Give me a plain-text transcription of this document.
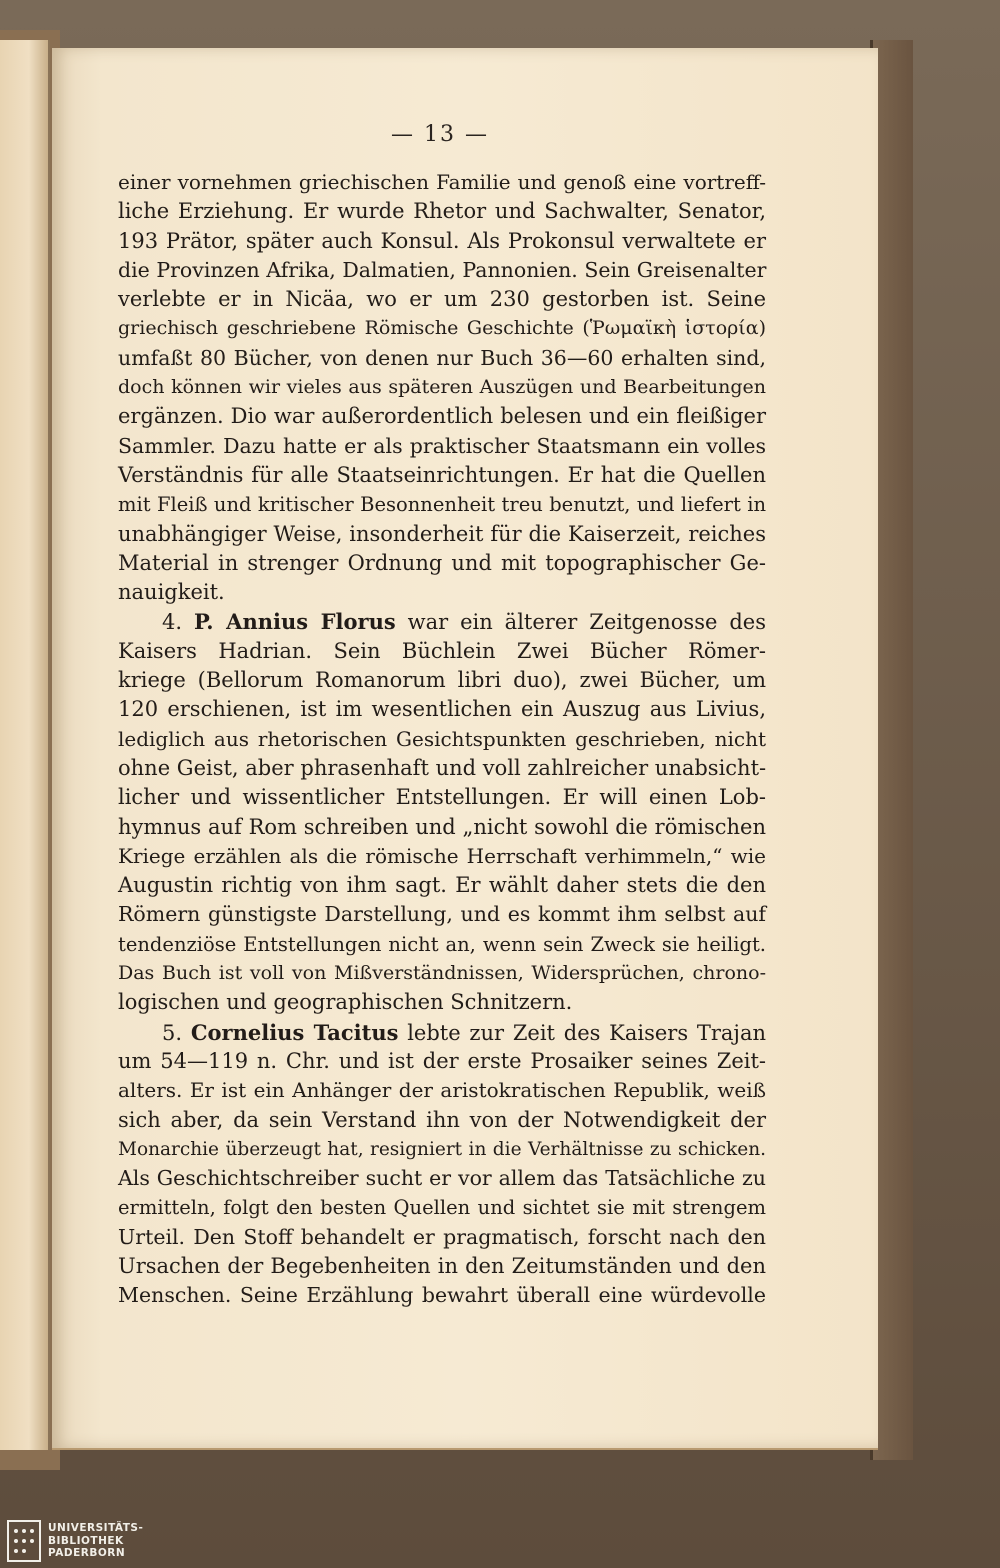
— 13 —
einer vornehmen griechischen Familie und genoß eine vortreff-
liche Erziehung. Er wurde Rhetor und Sachwalter, Senator,
193 Prätor, später auch Konsul. Als Prokonsul verwaltete er
die Provinzen Afrika, Dalmatien, Pannonien. Sein Greisenalter
verlebte er in Nicäa, wo er um 230 gestorben ist. Seine
griechisch geschriebene Römische Geschichte (Ῥωμαϊκὴ ἱστορία)
umfaßt 80 Bücher, von denen nur Buch 36—60 erhalten sind,
doch können wir vieles aus späteren Auszügen und Bearbeitungen
ergänzen. Dio war außerordentlich belesen und ein fleißiger
Sammler. Dazu hatte er als praktischer Staatsmann ein volles
Verständnis für alle Staatseinrichtungen. Er hat die Quellen
mit Fleiß und kritischer Besonnenheit treu benutzt, und liefert in
unabhängiger Weise, insonderheit für die Kaiserzeit, reiches
Material in strenger Ordnung und mit topographischer Ge-
nauigkeit.
4. P. Annius Florus war ein älterer Zeitgenosse des
Kaisers Hadrian. Sein Büchlein Zwei Bücher Römer-
kriege (Bellorum Romanorum libri duo), zwei Bücher, um
120 erschienen, ist im wesentlichen ein Auszug aus Livius,
lediglich aus rhetorischen Gesichtspunkten geschrieben, nicht
ohne Geist, aber phrasenhaft und voll zahlreicher unabsicht-
licher und wissentlicher Entstellungen. Er will einen Lob-
hymnus auf Rom schreiben und „nicht sowohl die römischen
Kriege erzählen als die römische Herrschaft verhimmeln,“ wie
Augustin richtig von ihm sagt. Er wählt daher stets die den
Römern günstigste Darstellung, und es kommt ihm selbst auf
tendenziöse Entstellungen nicht an, wenn sein Zweck sie heiligt.
Das Buch ist voll von Mißverständnissen, Widersprüchen, chrono-
logischen und geographischen Schnitzern.
5. Cornelius Tacitus lebte zur Zeit des Kaisers Trajan
um 54—119 n. Chr. und ist der erste Prosaiker seines Zeit-
alters. Er ist ein Anhänger der aristokratischen Republik, weiß
sich aber, da sein Verstand ihn von der Notwendigkeit der
Monarchie überzeugt hat, resigniert in die Verhältnisse zu schicken.
Als Geschichtschreiber sucht er vor allem das Tatsächliche zu
ermitteln, folgt den besten Quellen und sichtet sie mit strengem
Urteil. Den Stoff behandelt er pragmatisch, forscht nach den
Ursachen der Begebenheiten in den Zeitumständen und den
Menschen. Seine Erzählung bewahrt überall eine würdevolle
UNIVERSITÄTS-
BIBLIOTHEK
PADERBORN
